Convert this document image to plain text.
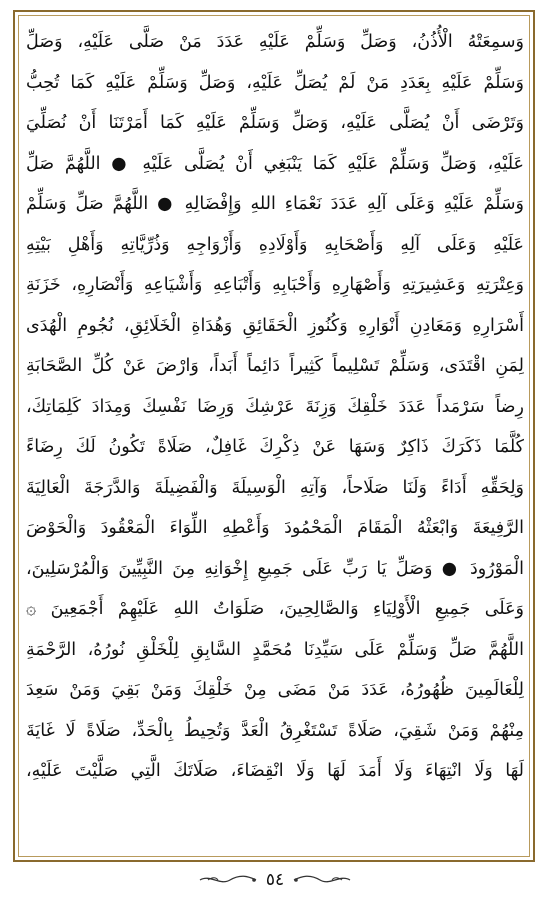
وَسمِعَتْهُ الْأُذُنُ، وَصَلِّ وَسَلِّمْ عَلَيْهِ عَدَدَ مَنْ صَلَّى عَلَيْهِ، وَصَلِّ
وَسَلِّمْ عَلَيْهِ بِعَدَدِ مَنْ لَمْ يُصَلِّ عَلَيْهِ، وَصَلِّ وَسَلِّمْ عَلَيْهِ كَمَا تُحِبُّ
وَتَرْضَى أَنْ يُصَلَّى عَلَيْهِ، وَصَلِّ وَسَلِّمْ عَلَيْهِ كَمَا أَمَرْتَنَا أَنْ نُصَلِّيَ
عَلَيْهِ، وَصَلِّ وَسَلِّمْ عَلَيْهِ كَمَا يَنْبَغِي أَنْ يُصَلَّى عَلَيْهِ ● اللَّهُمَّ صَلِّ
وَسَلِّمْ عَلَيْهِ وَعَلَى آلِهِ عَدَدَ نَعْمَاءِ اللهِ وَإِفْضَالِهِ ● اللَّهُمَّ صَلِّ وَسَلِّمْ
عَلَيْهِ وَعَلَى آلِهِ وَأَصْحَابِهِ وَأَوْلَادِهِ وَأَزْوَاجِهِ وَذُرِّيَّاتِهِ وَأَهْلِ بَيْتِهِ
وَعِتْرَتِهِ وَعَشِيرَتِهِ وَأَصْهَارِهِ وَأَحْبَابِهِ وَأَتْبَاعِهِ وَأَشْيَاعِهِ وَأَنْصَارِهِ، خَزَنَةِ
أَسْرَارِهِ وَمَعَادِنِ أَنْوَارِهِ وَكُنُوزِ الْحَقَائِقِ وَهُدَاةِ الْخَلَائِقِ، نُجُومِ الْهُدَى
لِمَنِ اقْتَدَى، وَسَلِّمْ تَسْلِيماً كَثِيراً دَائِماً أَبَداً، وَارْضَ عَنْ كُلِّ الصَّحَابَةِ
رِضاً سَرْمَداً عَدَدَ خَلْقِكَ وَزِنَةَ عَرْشِكَ وَرِضَا نَفْسِكَ وَمِدَادَ كَلِمَاتِكَ،
كُلَّمَا ذَكَرَكَ ذَاكِرٌ وَسَهَا عَنْ ذِكْرِكَ غَافِلٌ، صَلَاةً تَكُونُ لَكَ رِضَاءً
وَلِحَقِّهِ أَدَاءً وَلَنَا صَلَاحاً، وَآتِهِ الْوَسِيلَةَ وَالْفَضِيلَةَ وَالدَّرَجَةَ الْعَالِيَةَ
الرَّفِيعَةَ وَابْعَثْهُ الْمَقَامَ الْمَحْمُودَ وَأَعْطِهِ اللِّوَاءَ الْمَعْقُودَ وَالْحَوْضَ
الْمَوْرُودَ ● وَصَلِّ يَا رَبِّ عَلَى جَمِيعِ إِخْوَانِهِ مِنَ النَّبِيِّينَ وَالْمُرْسَلِينَ،
وَعَلَى جَمِيعِ الْأَوْلِيَاءِ وَالصَّالِحِينَ، صَلَوَاتُ اللهِ عَلَيْهِمْ أَجْمَعِينَ ۞
اللَّهُمَّ صَلِّ وَسَلِّمْ عَلَى سَيِّدِنَا مُحَمَّدٍ السَّابِقِ لِلْخَلْقِ نُورُهُ، الرَّحْمَةِ
لِلْعَالَمِينَ ظُهُورُهُ، عَدَدَ مَنْ مَضَى مِنْ خَلْقِكَ وَمَنْ بَقِيَ وَمَنْ سَعِدَ
مِنْهُمْ وَمَنْ شَقِيَ، صَلَاةً تَسْتَغْرِقُ الْعَدَّ وَتُحِيطُ بِالْحَدِّ، صَلَاةً لَا غَايَةَ
لَهَا وَلَا انْتِهَاءَ وَلَا أَمَدَ لَهَا وَلَا انْقِضَاءَ، صَلَاتَكَ الَّتِي صَلَّيْتَ عَلَيْهِ،
٥٤
